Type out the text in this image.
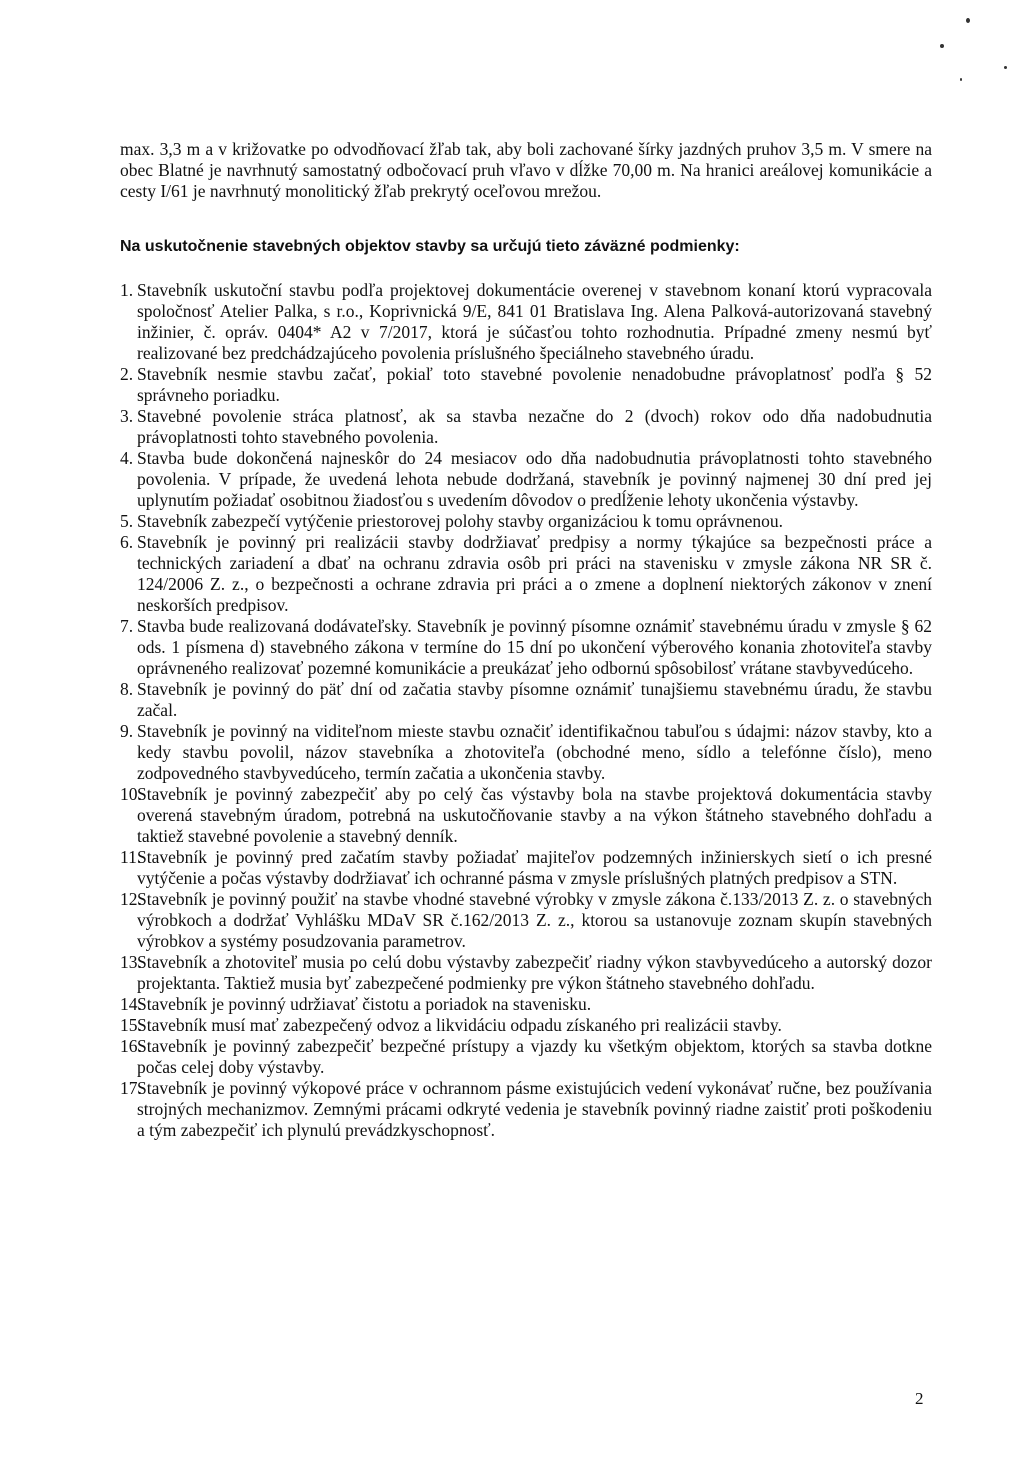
max. 3,3 m a v križovatke po odvodňovací žľab tak, aby boli zachované šírky jazdných pruhov 3,5 m. V smere na obec Blatné je navrhnutý samostatný odbočovací pruh vľavo v dĺžke 70,00 m. Na hranici areálovej komunikácie a cesty I/61 je navrhnutý monolitický žľab prekrytý oceľovou mrežou.
Na uskutočnenie stavebných objektov stavby sa určujú tieto záväzné podmienky:
1. Stavebník uskutoční stavbu podľa projektovej dokumentácie overenej v stavebnom konaní ktorú vypracovala spoločnosť Atelier Palka, s r.o., Koprivnická 9/E, 841 01 Bratislava Ing. Alena Palková-autorizovaná stavebný inžinier, č. opráv. 0404* A2 v 7/2017, ktorá je súčasťou tohto rozhodnutia. Prípadné zmeny nesmú byť realizované bez predchádzajúceho povolenia príslušného špeciálneho stavebného úradu.
2. Stavebník nesmie stavbu začať, pokiaľ toto stavebné povolenie nenadobudne právoplatnosť podľa § 52 správneho poriadku.
3. Stavebné povolenie stráca platnosť, ak sa stavba nezačne do 2 (dvoch) rokov odo dňa nadobudnutia právoplatnosti tohto stavebného povolenia.
4. Stavba bude dokončená najneskôr do 24 mesiacov odo dňa nadobudnutia právoplatnosti tohto stavebného povolenia. V prípade, že uvedená lehota nebude dodržaná, stavebník je povinný najmenej 30 dní pred jej uplynutím požiadať osobitnou žiadosťou s uvedením dôvodov o predĺženie lehoty ukončenia výstavby.
5. Stavebník zabezpečí vytýčenie priestorovej polohy stavby organizáciou k tomu oprávnenou.
6. Stavebník je povinný pri realizácii stavby dodržiavať predpisy a normy týkajúce sa bezpečnosti práce a technických zariadení a dbať na ochranu zdravia osôb pri práci na stavenisku v zmysle zákona NR SR č. 124/2006 Z. z., o bezpečnosti a ochrane zdravia pri práci a o zmene a doplnení niektorých zákonov v znení neskorších predpisov.
7. Stavba bude realizovaná dodávateľsky. Stavebník je povinný písomne oznámiť stavebnému úradu v zmysle § 62 ods. 1 písmena d) stavebného zákona v termíne do 15 dní po ukončení výberového konania zhotoviteľa stavby oprávneného realizovať pozemné komunikácie a preukázať jeho odbornú spôsobilosť vrátane stavbyvedúceho.
8. Stavebník je povinný do päť dní od začatia stavby písomne oznámiť tunajšiemu stavebnému úradu, že stavbu začal.
9. Stavebník je povinný na viditeľnom mieste stavbu označiť identifikačnou tabuľou s údajmi: názov stavby, kto a kedy stavbu povolil, názov stavebníka a zhotoviteľa (obchodné meno, sídlo a telefónne číslo), meno zodpovedného stavbyvedúceho, termín začatia a ukončenia stavby.
10.
Stavebník je povinný zabezpečiť aby po celý čas výstavby bola na stavbe projektová dokumentácia stavby overená stavebným úradom, potrebná na uskutočňovanie stavby a na výkon štátneho stavebného dohľadu a taktiež stavebné povolenie a stavebný denník.
11.
Stavebník je povinný pred začatím stavby požiadať majiteľov podzemných inžinierskych sietí o ich presné vytýčenie a počas výstavby dodržiavať ich ochranné pásma v zmysle príslušných platných predpisov a STN.
12.
Stavebník je povinný použiť na stavbe vhodné stavebné výrobky v zmysle zákona č.133/2013 Z. z. o stavebných výrobkoch a dodržať Vyhlášku MDaV SR č.162/2013 Z. z., ktorou sa ustanovuje zoznam skupín stavebných výrobkov a systémy posudzovania parametrov.
13.
Stavebník a zhotoviteľ musia po celú dobu výstavby zabezpečiť riadny výkon stavbyvedúceho a autorský dozor projektanta. Taktiež musia byť zabezpečené podmienky pre výkon štátneho stavebného dohľadu.
14.
Stavebník je povinný udržiavať čistotu a poriadok na stavenisku.
15.
Stavebník musí mať zabezpečený odvoz a likvidáciu odpadu získaného pri realizácii stavby.
16.
Stavebník je povinný zabezpečiť bezpečné prístupy a vjazdy ku všetkým objektom, ktorých sa stavba dotkne počas celej doby výstavby.
17.
Stavebník je povinný výkopové práce v ochrannom pásme existujúcich vedení vykonávať ručne, bez používania strojných mechanizmov. Zemnými prácami odkryté vedenia je stavebník povinný riadne zaistiť proti poškodeniu a tým zabezpečiť ich plynulú prevádzkyschopnosť.
2
